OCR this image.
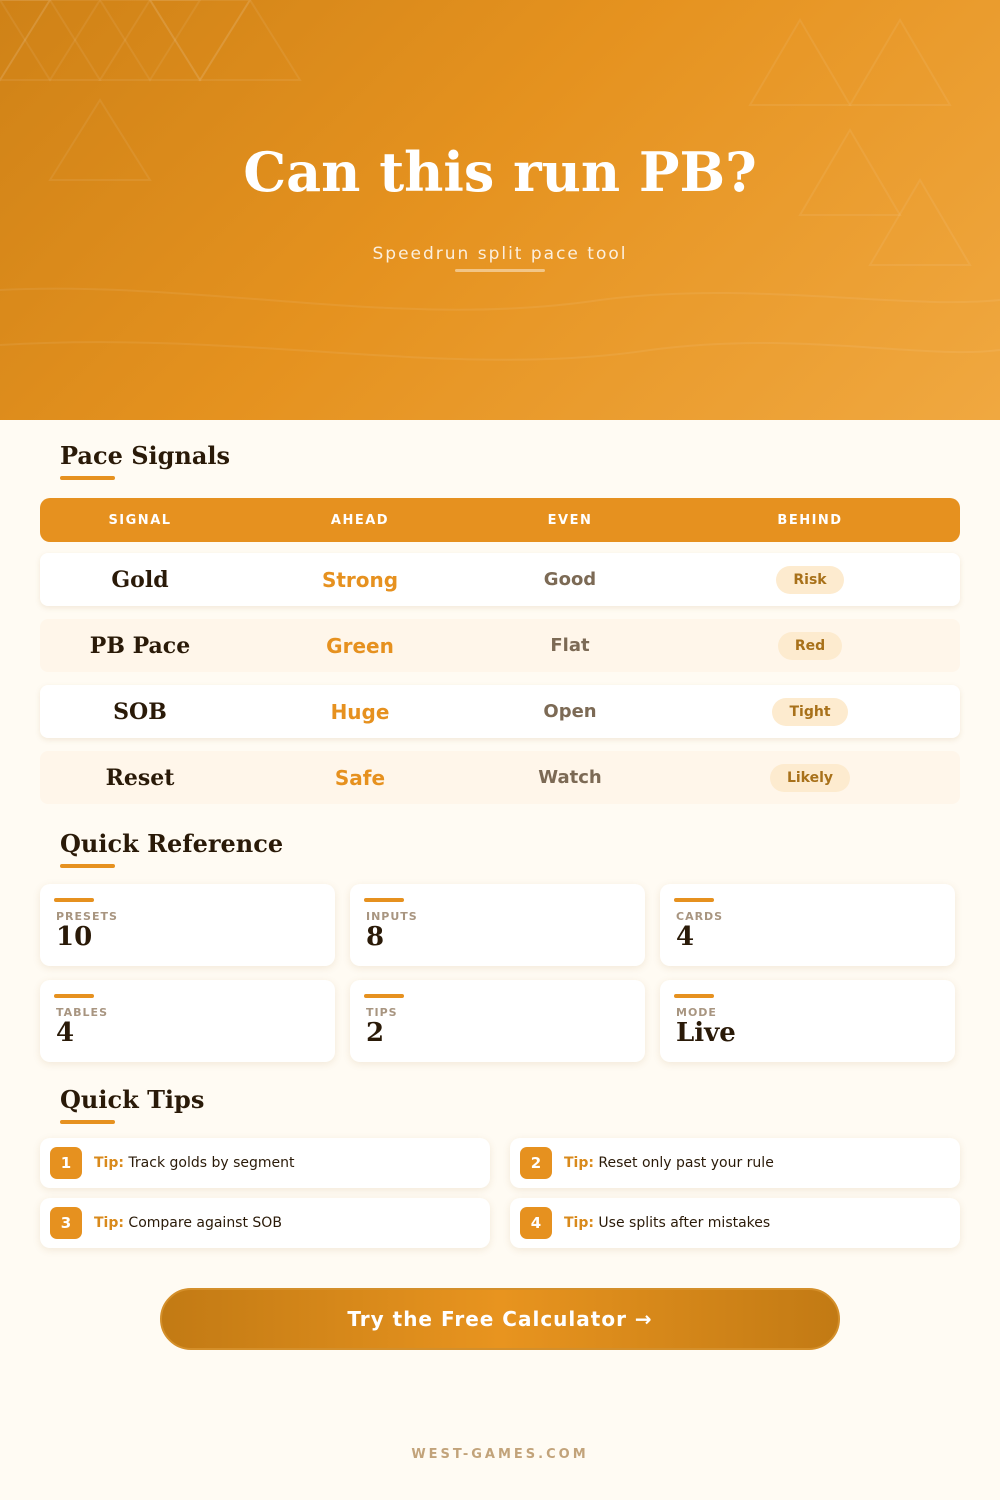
Can this run PB?
Speedrun split pace tool
Pace Signals
SIGNAL	AHEAD	EVEN	BEHIND
Gold	Strong	Good	Risk
PB Pace	Green	Flat	Red
SOB	Huge	Open	Tight
Reset	Safe	Watch	Likely
Quick Reference
PRESETS
10
INPUTS
8
CARDS
4
TABLES
4
TIPS
2
MODE
Live
Quick Tips
1	Tip: Track golds by segment	2	Tip: Reset only past your rule
3	Tip: Compare against SOB	4	Tip: Use splits after mistakes
Try the Free Calculator →
WEST-GAMES.COM
